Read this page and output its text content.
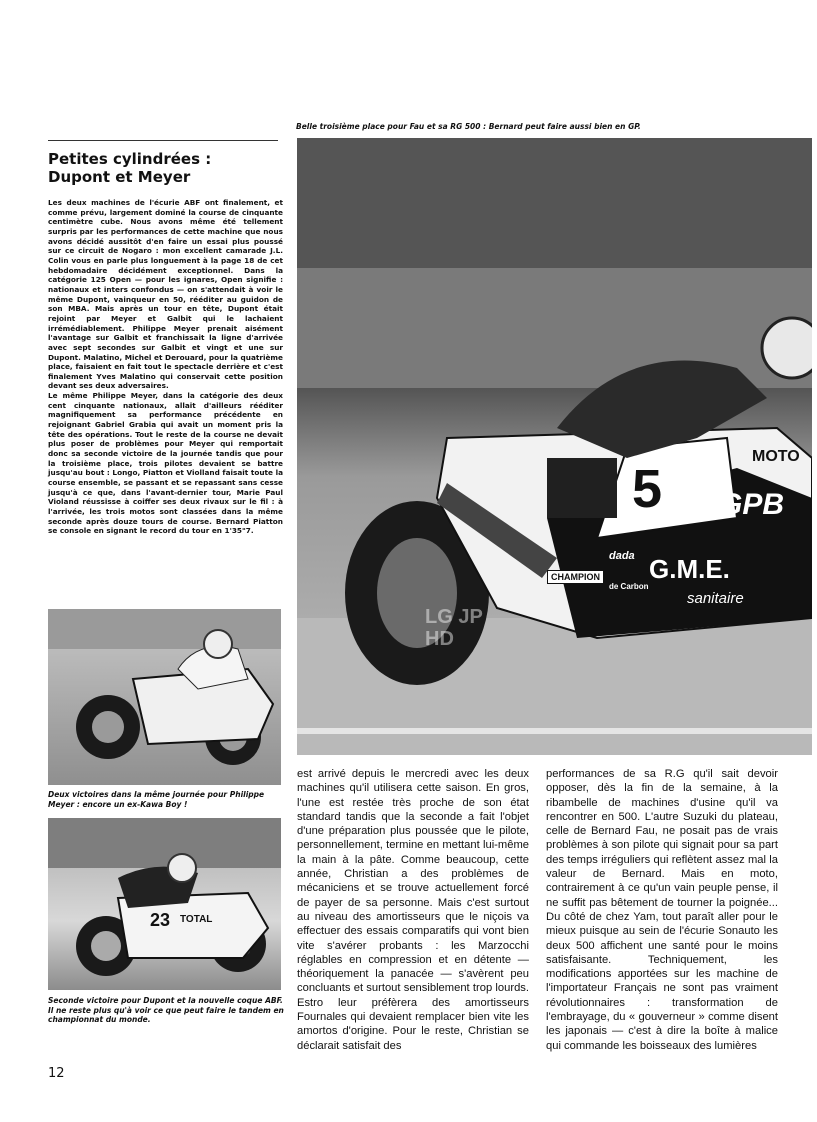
Belle troisième place pour Fau et sa RG 500 : Bernard peut faire aussi bien en GP.
Petites cylindrées :
Dupont et Meyer

Les deux machines de l'écurie ABF ont finalement, et comme prévu, largement dominé la course de cinquante centimètre cube. Nous avons même été tellement surpris par les performances de cette machine que nous avons décidé aussitôt d'en faire un essai plus poussé sur ce circuit de Nogaro : mon excellent camarade J.L. Colin vous en parle plus longuement à la page 18 de cet hebdomadaire décidément exceptionnel. Dans la catégorie 125 Open — pour les ignares, Open signifie : nationaux et inters confondus — on s'attendait à voir le même Dupont, vainqueur en 50, rééditer au guidon de son MBA. Mais après un tour en tête, Dupont était rejoint par Meyer et Galbit qui le lachaient irrémédiablement. Philippe Meyer prenait aisément l'avantage sur Galbit et franchissait la ligne d'arrivée avec sept secondes sur Galbit et vingt et une sur Dupont. Malatino, Michel et Derouard, pour la quatrième place, faisaient en fait tout le spectacle derrière et c'est finalement Yves Malatino qui conservait cette position devant ses deux adversaires.

Le même Philippe Meyer, dans la catégorie des deux cent cinquante nationaux, allait d'ailleurs rééditer magnifiquement sa performance précédente en rejoignant Gabriel Grabia qui avait un moment pris la tête des opérations. Tout le reste de la course ne devait plus poser de problèmes pour Meyer qui remportait donc sa seconde victoire de la journée tandis que pour la troisième place, trois pilotes devaient se battre jusqu'au bout : Longo, Piatton et Violland faisait toute la course ensemble, se passant et se repassant sans cesse jusqu'à ce que, dans l'avant-dernier tour, Marie Paul Violand réussisse à coiffer ses deux rivaux sur le fil : à l'arrivée, les trois motos sont classées dans la même seconde après douze tours de course. Bernard Piatton se console en signant le record du tour en 1'35"7.

5
MOTO
GPB
CHAMPION
dada
de Carbon
G.M.E.
sanitaire
LG JP HD
Deux victoires dans la même journée pour Philippe Meyer : encore un ex-Kawa Boy !
23 TOTAL
Seconde victoire pour Dupont et la nouvelle coque ABF. Il ne reste plus qu'à voir ce que peut faire le tandem en championnat du monde.
est arrivé depuis le mercredi avec les deux machines qu'il utilisera cette saison. En gros, l'une est restée très proche de son état standard tandis que la seconde a fait l'objet d'une préparation plus poussée que le pilote, personnellement, termine en mettant lui-même la main à la pâte. Comme beaucoup, cette année, Christian a des problèmes de mécaniciens et se trouve actuellement forcé de payer de sa personne. Mais c'est surtout au niveau des amortisseurs que le niçois va effectuer des essais comparatifs qui vont bien vite s'avérer probants : les Marzocchi réglables en compression et en détente — théoriquement la panacée — s'avèrent peu concluants et surtout sensiblement trop lourds. Estro leur préfèrera des amortisseurs Fournales qui devaient remplacer bien vite les amortos d'origine. Pour le reste, Christian se déclarait satisfait des
performances de sa R.G qu'il sait devoir opposer, dès la fin de la semaine, à la ribambelle de machines d'usine qu'il va rencontrer en 500. L'autre Suzuki du plateau, celle de Bernard Fau, ne posait pas de vrais problèmes à son pilote qui signait pour sa part des temps irréguliers qui reflètent assez mal la valeur de Bernard. Mais en moto, contrairement à ce qu'un vain peuple pense, il ne suffit pas bêtement de tourner la poignée... Du côté de chez Yam, tout paraît aller pour le mieux puisque au sein de l'écurie Sonauto les deux 500 affichent une santé pour le moins satisfaisante. Techniquement, les modifications apportées sur les machine de l'importateur Français ne sont pas vraiment révolutionnaires : transformation de l'embrayage, du « gouverneur » comme disent les japonais — c'est à dire la boîte à malice qui commande les boisseaux des lumières
12
